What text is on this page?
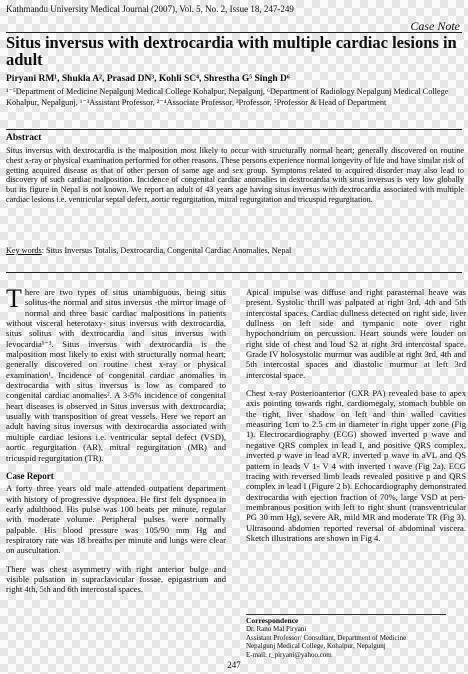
Kathmandu University Medical Journal (2007), Vol. 5, No. 2, Issue 18, 247-249
Case Note
Situs inversus with dextrocardia with multiple cardiac lesions in adult
Piryani RM¹, Shukla A², Prasad DN³, Kohli SC⁴, Shrestha G⁵ Singh D⁶
¹⁻⁵Department of Medicine Nepalgunj Medical College Kohalpur, Nepalgunj, ⁶Department of Radiology Nepalgunj Medical College Kohalpur, Nepalgunj, ¹⁻³Assistant Professor, ²⁻⁴Associate Professor, ³Professor, ⁵Professor & Head of Department
Abstract
Situs inversus with dextrocardia is the malposition most likely to occur with structurally normal heart; generally discovered on routine chest x-ray or physical examination performed for other reasons. These persons experience normal longevity of life and have similar risk of getting acquired disease as that of other person of same age and sex group. Symptoms related to acquired disorder may also lead to discovery of such cardiac malposition. Incidence of congenital cardiac anomalies in dextrocardia with situs inversus is very low globally but its figure in Nepal is not known. We report an adult of 43 years age having situs inversus with dextrocardia associated with multiple cardiac lesions i.e. ventricular septal defect, aortic regurgitation, mitral regurgitation and tricuspid regurgitation.
Key words: Situs Inversus Totalis, Dextrocardia, Congenital Cardiac Anomalies, Nepal

There are two types of situs unambiguous, being situs solitus-the normal and situs inversus -the mirror image of normal and three basic cardiac malpositions in patients without visceral heterotaxy- situs inversus with dextrocardia, situs solitus with dextrocardia and situs inversus with levocardia¹⁻³. Situs inversus with dextrocardia is the malposition most likely to exist with structurally normal heart; generally discovered on routine chest x-ray or physical examination¹. Incidence of congenital cardiac anomalies in dextrocardia with situs inversus is low as compared to congenital cardiac anomalies². A 3-5% incidence of congenital heart diseases is observed in Situs inversus with dextrocardia; usually with transposition of great vessels. Here we report an adult having situs inversus with dextrocardia associated with multiple cardiac lesions i.e. ventricular septal defect (VSD), aortic regurgitation (AR), mitral regurgitation (MR) and tricuspid regurgitation (TR).

Case Report

A forty three years old male attended outpatient department with history of progressive dyspnoea. He first felt dyspnoea in early adulthood. His pulse was 100 beats per minute, regular with moderate volume. Peripheral pulses were normally palpable. His blood pressure was 105/90 mm Hg and respiratory rate was 18 breaths per minute and lungs were clear on auscultation.

There was chest asymmetry with right anterior bulge and visible pulsation in supraclavicular fossae, epigastrium and right 4th, 5th and 6th intercostal spaces.

Apical impulse was diffuse and right parasternal heave was present. Systolic thrill was palpated at right 3rd, 4th and 5th intercostal spaces. Cardiac dullness detected on right side, liver dullness on left side and tympanic note over right hypochondrium on percussion. Heart sounds were louder on right side of chest and loud S2 at right 3rd intercostal space. Grade IV holosystolic murmur was audible at right 3rd, 4th and 5th intercostal spaces and diastolic murmur at left 3rd intercostal space.

Chest x-ray Posterioanterior (CXR PA) revealed base to apex axis pointing towards right, cardiomegaly, stomach bubble on the right, liver shadow on left and thin walled cavities measuring 1cm to 2.5 cm in diameter in right upper zone (Fig 1). Electrocardiography (ECG) showed inverted p wave and negative QRS complex in lead I, and positive QRS complex, inverted p wave in lead aVR, inverted p wave in aVL and QS pattern in leads V 1- V 4 with inverted t wave (Fig 2a). ECG tracing with reversed limb leads revealed positive p and QRS complex in lead I (Figure 2 b). Echocardiography demonstrated dextrocardia with ejection fraction of 70%, large VSD at peri-membranous position with left to right shunt (transventricular PG 30 mm Hg), severe AR, mild MR and moderate TR (Fig 3). Ultrasound abdomen reported reversal of abdominal viscera. Sketch illustrations are shown in Fig 4.

Correspondence
Dr. Rano Mal Piryani
Assistant Professor/ Consultant, Department of Medicine
Nepalgunj Medical College, Kohalpur, Nepalgunj
E-mail: r_piryani@yahoo.com
247
